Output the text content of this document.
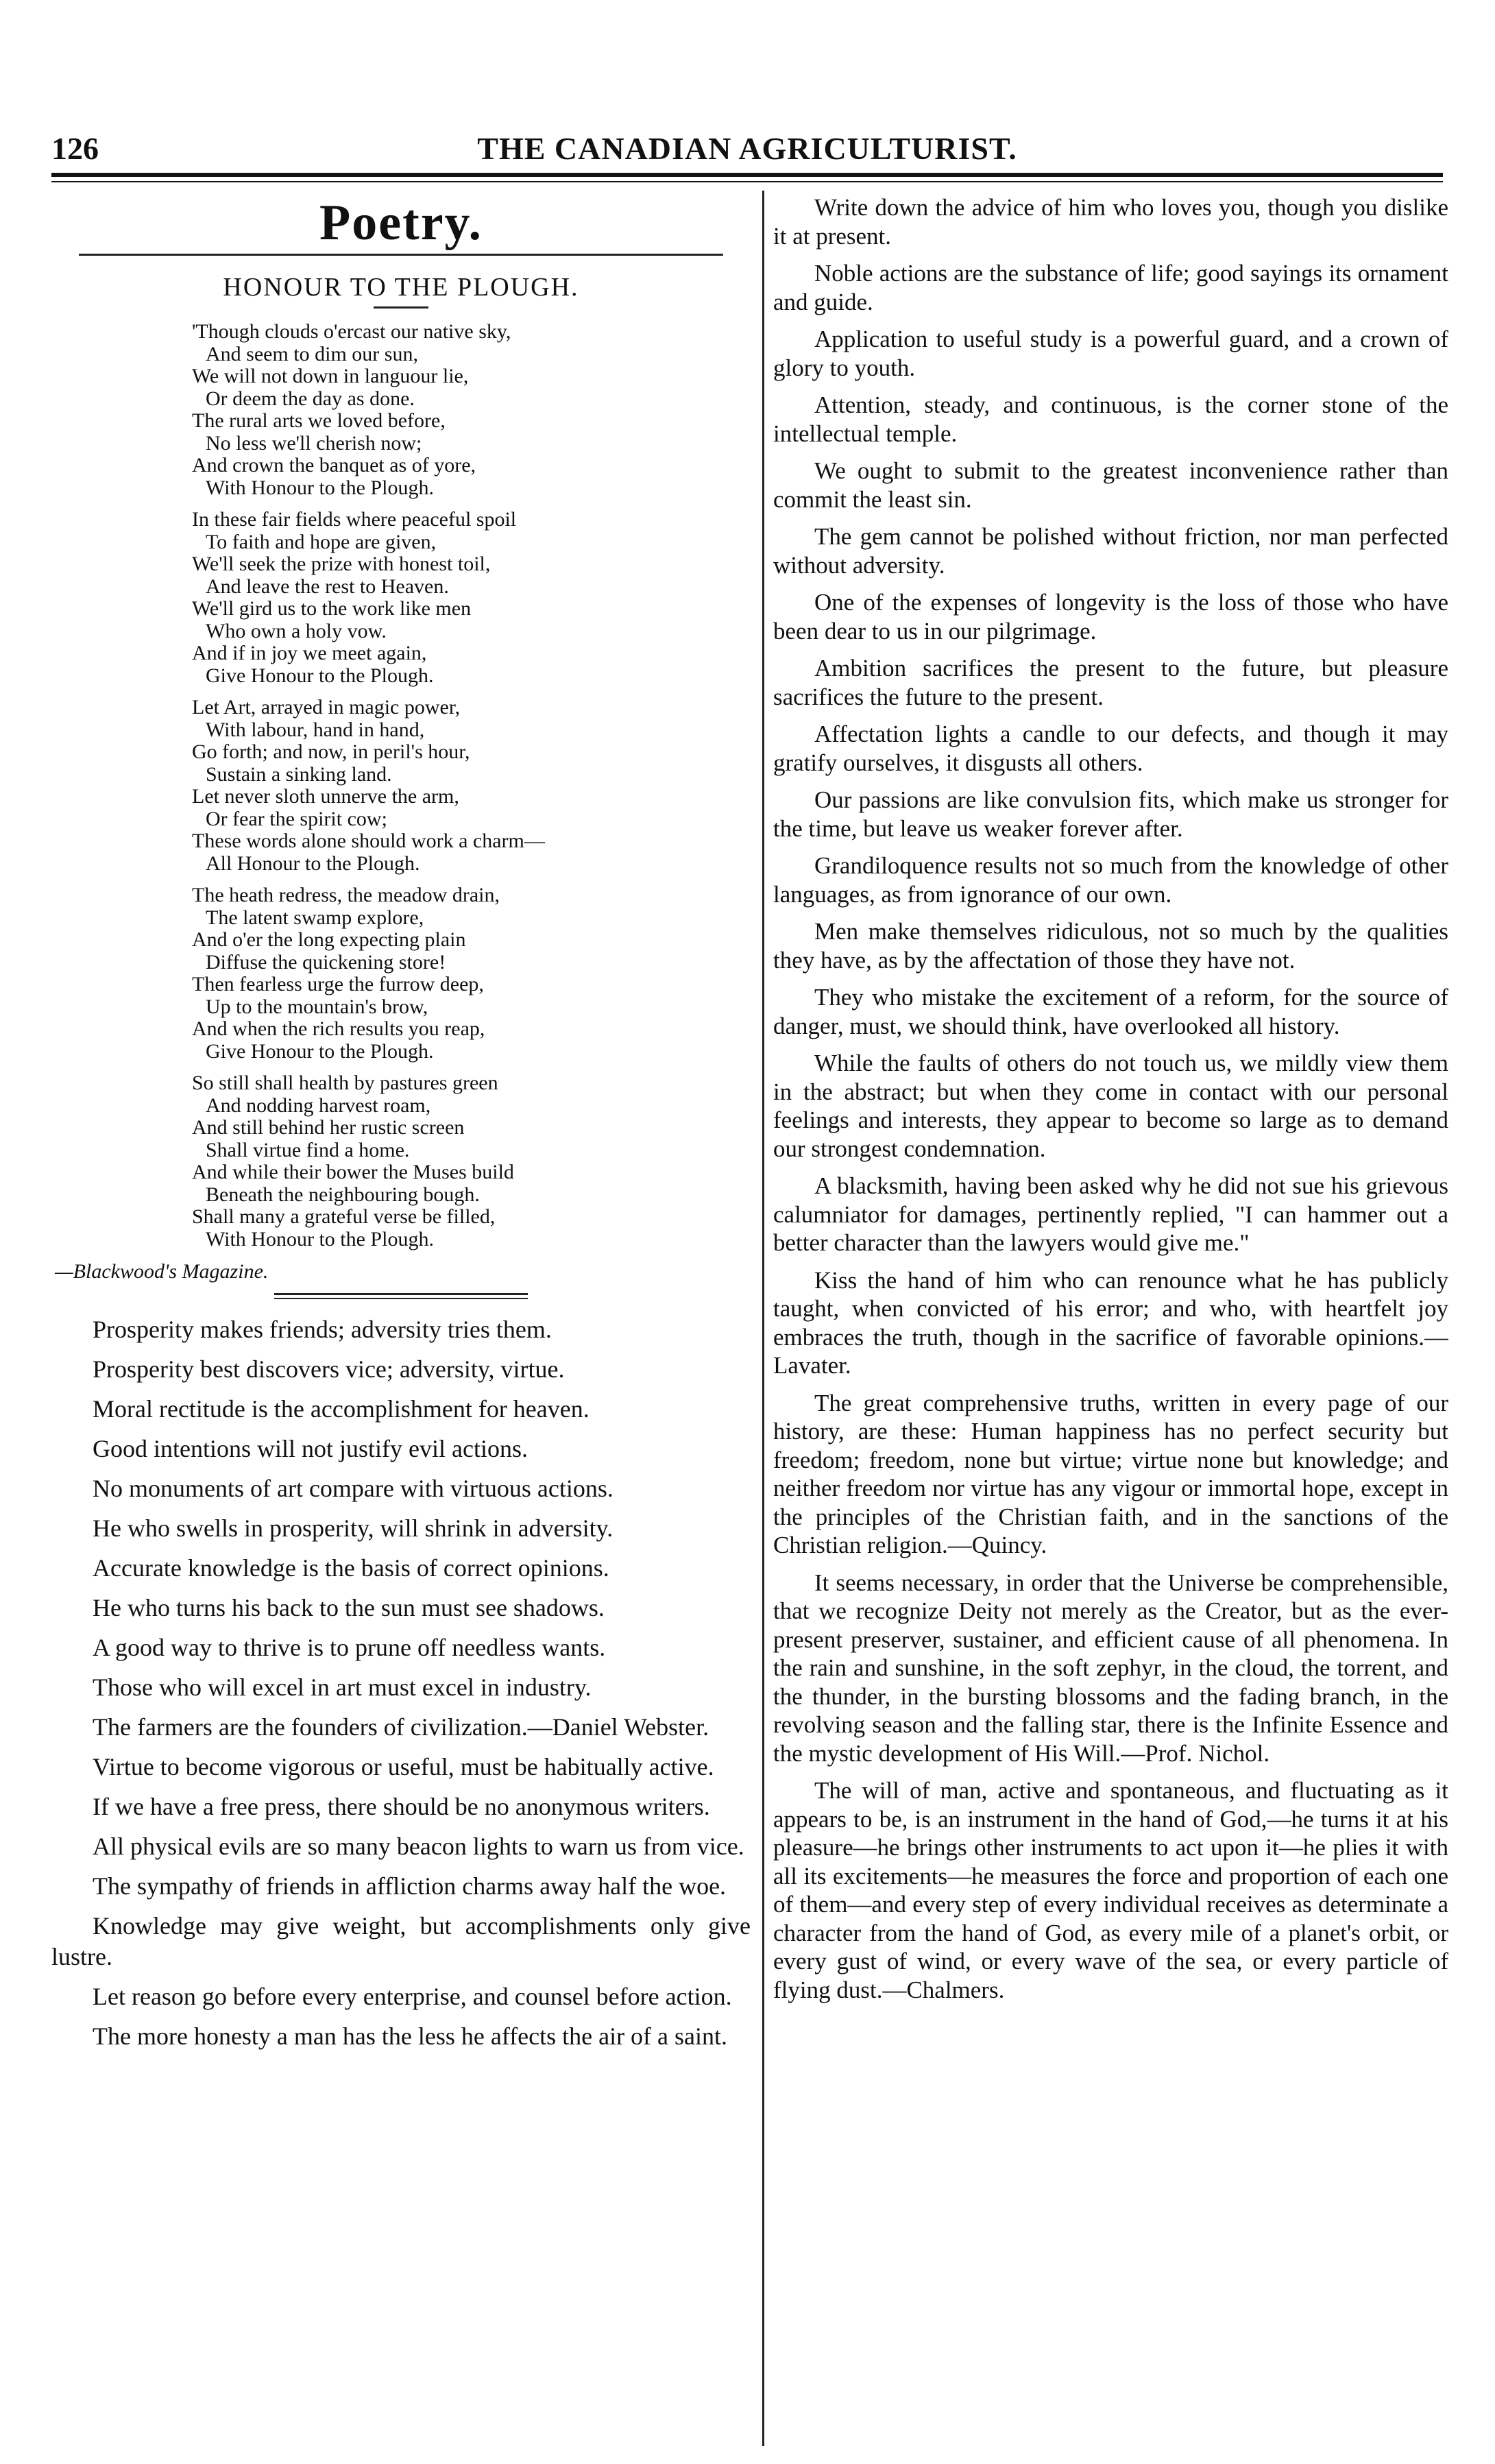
126	THE CANADIAN AGRICULTURIST.
Poetry.
HONOUR TO THE PLOUGH.
'Though clouds o'ercast our native sky,
And seem to dim our sun,
We will not down in languour lie,
Or deem the day as done.
The rural arts we loved before,
No less we'll cherish now;
And crown the banquet as of yore,
With Honour to the Plough.
In these fair fields where peaceful spoil
To faith and hope are given,
We'll seek the prize with honest toil,
And leave the rest to Heaven.
We'll gird us to the work like men
Who own a holy vow.
And if in joy we meet again,
Give Honour to the Plough.
Let Art, arrayed in magic power,
With labour, hand in hand,
Go forth; and now, in peril's hour,
Sustain a sinking land.
Let never sloth unnerve the arm,
Or fear the spirit cow;
These words alone should work a charm—
All Honour to the Plough.
The heath redress, the meadow drain,
The latent swamp explore,
And o'er the long expecting plain
Diffuse the quickening store!
Then fearless urge the furrow deep,
Up to the mountain's brow,
And when the rich results you reap,
Give Honour to the Plough.
So still shall health by pastures green
And nodding harvest roam,
And still behind her rustic screen
Shall virtue find a home.
And while their bower the Muses build
Beneath the neighbouring bough.
Shall many a grateful verse be filled,
With Honour to the Plough.
—Blackwood's Magazine.

Prosperity makes friends; adversity tries them.

Prosperity best discovers vice; adversity, virtue.

Moral rectitude is the accomplishment for heaven.

Good intentions will not justify evil actions.

No monuments of art compare with virtuous actions.

He who swells in prosperity, will shrink in adversity.

Accurate knowledge is the basis of correct opinions.

He who turns his back to the sun must see shadows.

A good way to thrive is to prune off needless wants.

Those who will excel in art must excel in industry.

The farmers are the founders of civilization.—Daniel Webster.

Virtue to become vigorous or useful, must be habitually active.

If we have a free press, there should be no anonymous writers.

All physical evils are so many beacon lights to warn us from vice.

The sympathy of friends in affliction charms away half the woe.

Knowledge may give weight, but accomplishments only give lustre.

Let reason go before every enterprise, and counsel before action.

The more honesty a man has the less he affects the air of a saint.

Write down the advice of him who loves you, though you dislike it at present.

Noble actions are the substance of life; good sayings its ornament and guide.

Application to useful study is a powerful guard, and a crown of glory to youth.

Attention, steady, and continuous, is the corner stone of the intellectual temple.

We ought to submit to the greatest inconvenience rather than commit the least sin.

The gem cannot be polished without friction, nor man perfected without adversity.

One of the expenses of longevity is the loss of those who have been dear to us in our pilgrimage.

Ambition sacrifices the present to the future, but pleasure sacrifices the future to the present.

Affectation lights a candle to our defects, and though it may gratify ourselves, it disgusts all others.

Our passions are like convulsion fits, which make us stronger for the time, but leave us weaker forever after.

Grandiloquence results not so much from the knowledge of other languages, as from ignorance of our own.

Men make themselves ridiculous, not so much by the qualities they have, as by the affectation of those they have not.

They who mistake the excitement of a reform, for the source of danger, must, we should think, have overlooked all history.

While the faults of others do not touch us, we mildly view them in the abstract; but when they come in contact with our personal feelings and interests, they appear to become so large as to demand our strongest condemnation.

A blacksmith, having been asked why he did not sue his grievous calumniator for damages, pertinently replied, "I can hammer out a better character than the lawyers would give me."

Kiss the hand of him who can renounce what he has publicly taught, when convicted of his error; and who, with heartfelt joy embraces the truth, though in the sacrifice of favorable opinions.—Lavater.

The great comprehensive truths, written in every page of our history, are these: Human happiness has no perfect security but freedom; freedom, none but virtue; virtue none but knowledge; and neither freedom nor virtue has any vigour or immortal hope, except in the principles of the Christian faith, and in the sanctions of the Christian religion.—Quincy.

It seems necessary, in order that the Universe be comprehensible, that we recognize Deity not merely as the Creator, but as the ever-present preserver, sustainer, and efficient cause of all phenomena. In the rain and sunshine, in the soft zephyr, in the cloud, the torrent, and the thunder, in the bursting blossoms and the fading branch, in the revolving season and the falling star, there is the Infinite Essence and the mystic development of His Will.—Prof. Nichol.

The will of man, active and spontaneous, and fluctuating as it appears to be, is an instrument in the hand of God,—he turns it at his pleasure—he brings other instruments to act upon it—he plies it with all its excitements—he measures the force and proportion of each one of them—and every step of every individual receives as determinate a character from the hand of God, as every mile of a planet's orbit, or every gust of wind, or every wave of the sea, or every particle of flying dust.—Chalmers.
